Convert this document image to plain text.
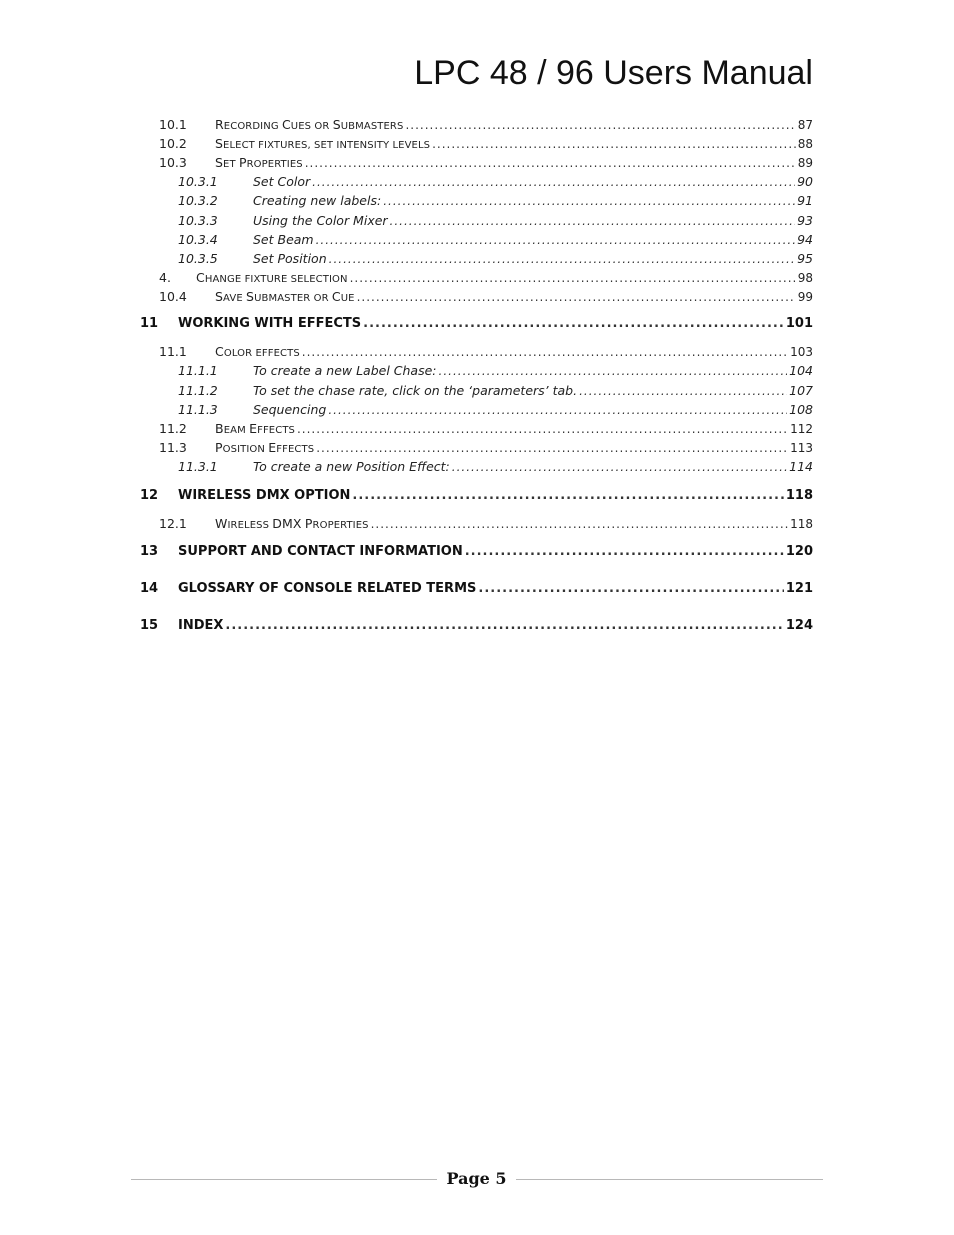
LPC 48 / 96 Users Manual
10.1	RECORDING CUES OR SUBMASTERS .....	87
10.2	SELECT FIXTURES, SET INTENSITY LEVELS .....	88
10.3	SET PROPERTIES .....	89
10.3.1	Set Color .....	90
10.3.2	Creating new labels: .....	91
10.3.3	Using the Color Mixer .....	93
10.3.4	Set Beam .....	94
10.3.5	Set Position .....	95
4.	CHANGE FIXTURE SELECTION .....	98
10.4	SAVE SUBMASTER OR CUE .....	99
11	WORKING WITH EFFECTS .....	101
11.1	COLOR EFFECTS .....	103
11.1.1	To create a new Label Chase: .....	104
11.1.2	To set the chase rate, click on the ‘parameters’ tab. .....	107
11.1.3	Sequencing .....	108
11.2	BEAM EFFECTS .....	112
11.3	POSITION EFFECTS .....	113
11.3.1	To create a new Position Effect: .....	114
12	WIRELESS DMX OPTION .....	118
12.1	WIRELESS DMX PROPERTIES .....	118
13	SUPPORT AND CONTACT INFORMATION .....	120
14	GLOSSARY OF CONSOLE RELATED TERMS .....	121
15	INDEX .....	124
Page 5
